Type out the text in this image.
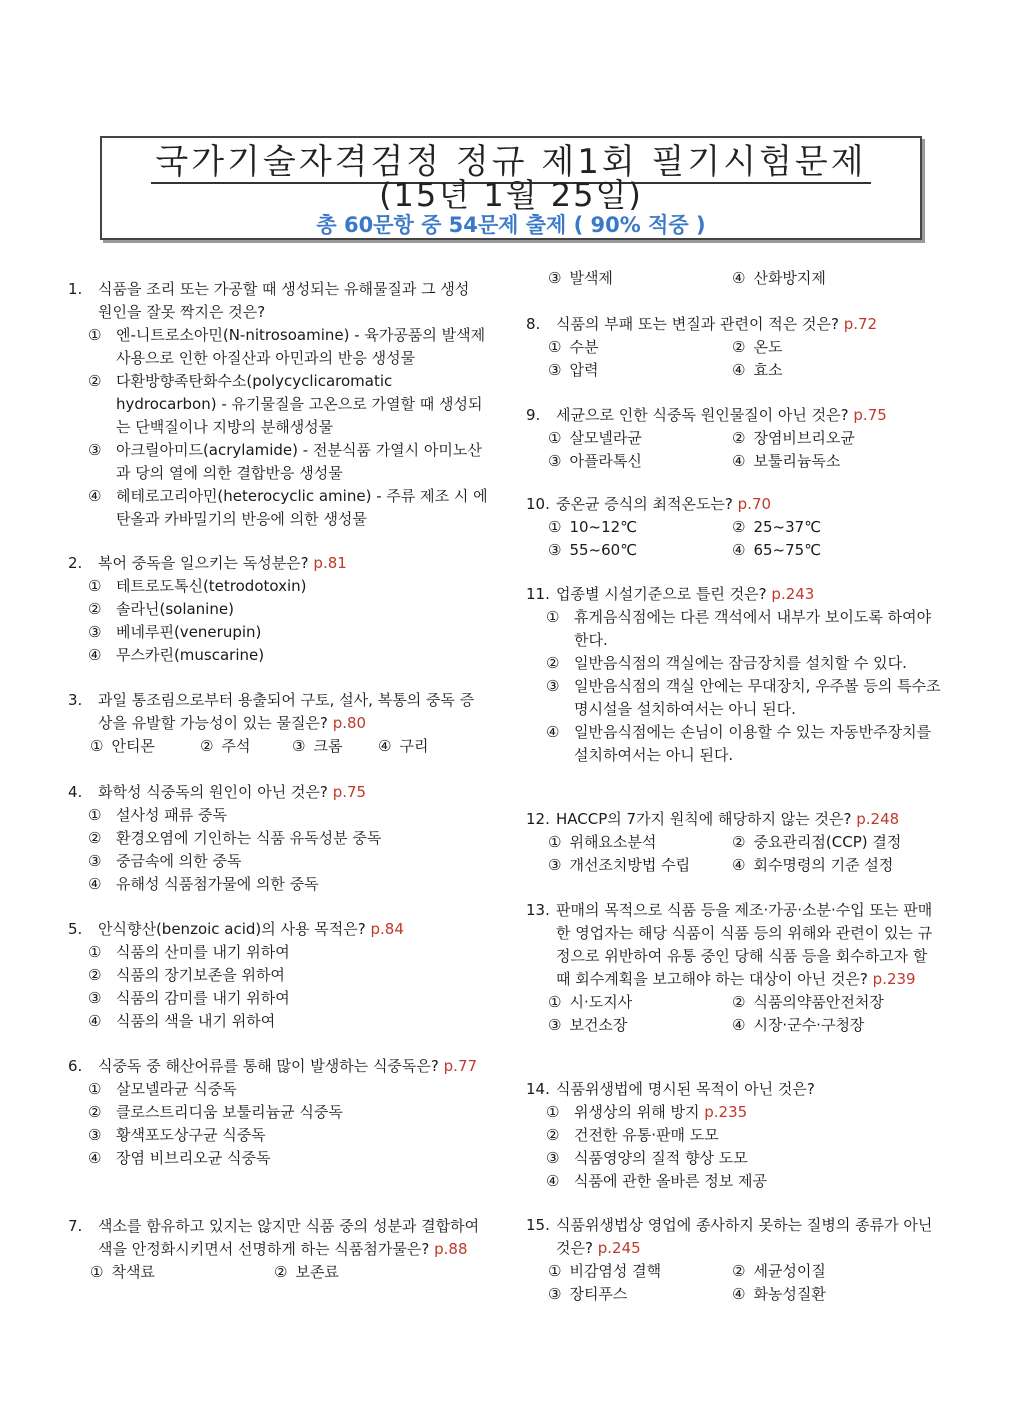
국가기술자격검정 정규 제1회 필기시험문제
(15년 1월 25일)
총 60문항 중 54문제 출제 ( 90% 적중 )
1. 식품을 조리 또는 가공할 때 생성되는 유해물질과 그 생성 원인을 잘못 짝지은 것은?
① 엔-니트로소아민(N-nitrosoamine) - 육가공품의 발색제 사용으로 인한 아질산과 아민과의 반응 생성물
② 다환방향족탄화수소(polycyclicaromatic hydrocarbon) - 유기물질을 고온으로 가열할 때 생성되는 단백질이나 지방의 분해생성물
③ 아크릴아미드(acrylamide) - 전분식품 가열시 아미노산과 당의 열에 의한 결합반응 생성물
④ 헤테로고리아민(heterocyclic amine) - 주류 제조 시 에탄올과 카바밀기의 반응에 의한 생성물
2. 복어 중독을 일으키는 독성분은? p.81
① 테트로도톡신(tetrodotoxin)
② 솔라닌(solanine)
③ 베네루핀(venerupin)
④ 무스카린(muscarine)
3. 과일 통조림으로부터 용출되어 구토, 설사, 복통의 중독 증상을 유발할 가능성이 있는 물질은? p.80
① 안티몬	② 주석	③ 크롬 ④ 구리
4. 화학성 식중독의 원인이 아닌 것은? p.75
① 설사성 패류 중독
② 환경오염에 기인하는 식품 유독성분 중독
③ 중금속에 의한 중독
④ 유해성 식품첨가물에 의한 중독
5. 안식향산(benzoic acid)의 사용 목적은? p.84
① 식품의 산미를 내기 위하여
② 식품의 장기보존을 위하여
③ 식품의 감미를 내기 위하여
④ 식품의 색을 내기 위하여
6. 식중독 중 해산어류를 통해 많이 발생하는 식중독은? p.77
① 살모넬라균 식중독
② 클로스트리디움 보툴리늄균 식중독
③ 황색포도상구균 식중독
④ 장염 비브리오균 식중독
7. 색소를 함유하고 있지는 않지만 식품 중의 성분과 결합하여 색을 안정화시키면서 선명하게 하는 식품첨가물은? p.88
① 착색료	② 보존료
③ 발색제	④ 산화방지제
8. 식품의 부패 또는 변질과 관련이 적은 것은? p.72
① 수분	② 온도
③ 압력	④ 효소
9. 세균으로 인한 식중독 원인물질이 아닌 것은? p.75
① 살모넬라균	② 장염비브리오균
③ 아플라톡신	④ 보툴리늄독소
10. 중온균 증식의 최적온도는? p.70
① 10~12℃	② 25~37℃
③ 55~60℃	④ 65~75℃
11. 업종별 시설기준으로 틀린 것은? p.243
① 휴게음식점에는 다른 객석에서 내부가 보이도록 하여야 한다.
② 일반음식점의 객실에는 잠금장치를 설치할 수 있다.
③ 일반음식점의 객실 안에는 무대장치, 우주볼 등의 특수조명시설을 설치하여서는 아니 된다.
④ 일반음식점에는 손님이 이용할 수 있는 자동반주장치를 설치하여서는 아니 된다.
12. HACCP의 7가지 원칙에 해당하지 않는 것은? p.248
① 위해요소분석	② 중요관리점(CCP) 결정
③ 개선조치방법 수립	④ 회수명령의 기준 설정
13. 판매의 목적으로 식품 등을 제조·가공·소분·수입 또는 판매한 영업자는 해당 식품이 식품 등의 위해와 관련이 있는 규정으로 위반하여 유통 중인 당해 식품 등을 회수하고자 할 때 회수계획을 보고해야 하는 대상이 아닌 것은? p.239
① 시·도지사	② 식품의약품안전처장
③ 보건소장	④ 시장·군수·구청장
14. 식품위생법에 명시된 목적이 아닌 것은?
① 위생상의 위해 방지 p.235
② 건전한 유통·판매 도모
③ 식품영양의 질적 향상 도모
④ 식품에 관한 올바른 정보 제공
15. 식품위생법상 영업에 종사하지 못하는 질병의 종류가 아닌 것은? p.245
① 비감염성 결핵	② 세균성이질
③ 장티푸스	④ 화농성질환
